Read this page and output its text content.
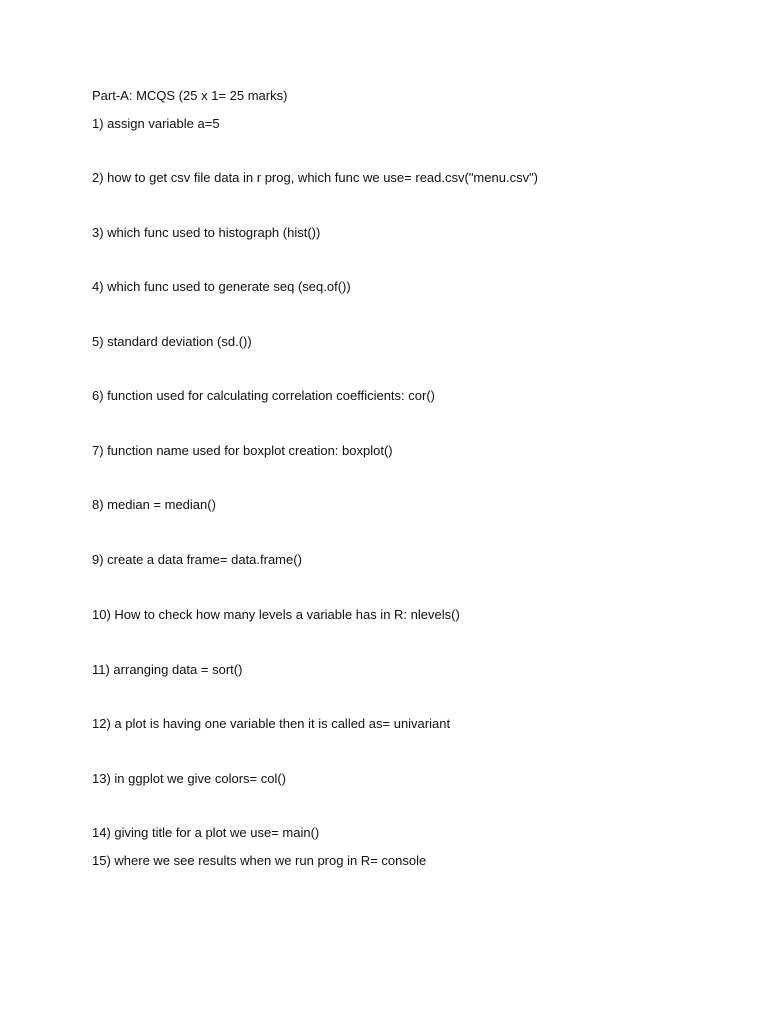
Part-A: MCQS (25 x 1= 25 marks)
1) assign variable a=5
2) how to get csv file data in r prog, which func we use= read.csv("menu.csv")
3) which func used to histograph (hist())
4) which func used to generate seq (seq.of())
5) standard deviation (sd.())
6) function used for calculating correlation coefficients: cor()
7) function name used for boxplot creation: boxplot()
8) median = median()
9) create a data frame= data.frame()
10) How to check how many levels a variable has in R: nlevels()
11) arranging data = sort()
12) a plot is having one variable then it is called as= univariant
13) in ggplot we give colors= col()
14) giving title for a plot we use= main()
15) where we see results when we run prog in R= console
